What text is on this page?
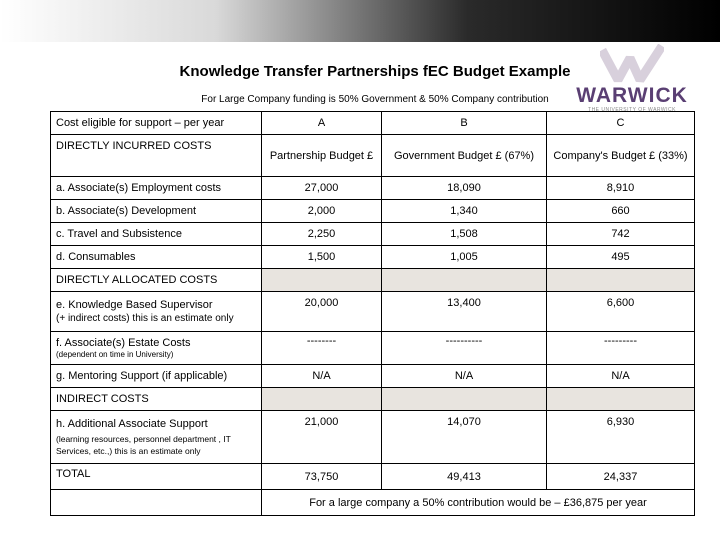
Knowledge Transfer Partnerships fEC Budget Example
For Large Company funding is 50% Government & 50% Company contribution	WARWICK
THE UNIVERSITY OF WARWICK
Cost eligible for support – per year	A	B	C
DIRECTLY INCURRED COSTS	Partnership Budget £	Government Budget £ (67%)	Company's Budget £ (33%)
a. Associate(s) Employment costs	27,000	18,090	8,910
b. Associate(s) Development	2,000	1,340	660
c. Travel and Subsistence	2,250	1,508	742
d. Consumables	1,500	1,005	495
DIRECTLY ALLOCATED COSTS			
e. Knowledge Based Supervisor
(+ indirect costs) this is an estimate only	20,000	13,400	6,600
f. Associate(s) Estate Costs
(dependent on time in University)	--------	----------	---------
g. Mentoring Support (if applicable)	N/A	N/A	N/A
INDIRECT COSTS			
h. Additional Associate Support
(learning resources, personnel department , IT Services, etc.,) this is an estimate only	21,000	14,070	6,930
TOTAL	73,750	49,413	24,337
	For a large company a 50% contribution would be – £36,875 per year		
